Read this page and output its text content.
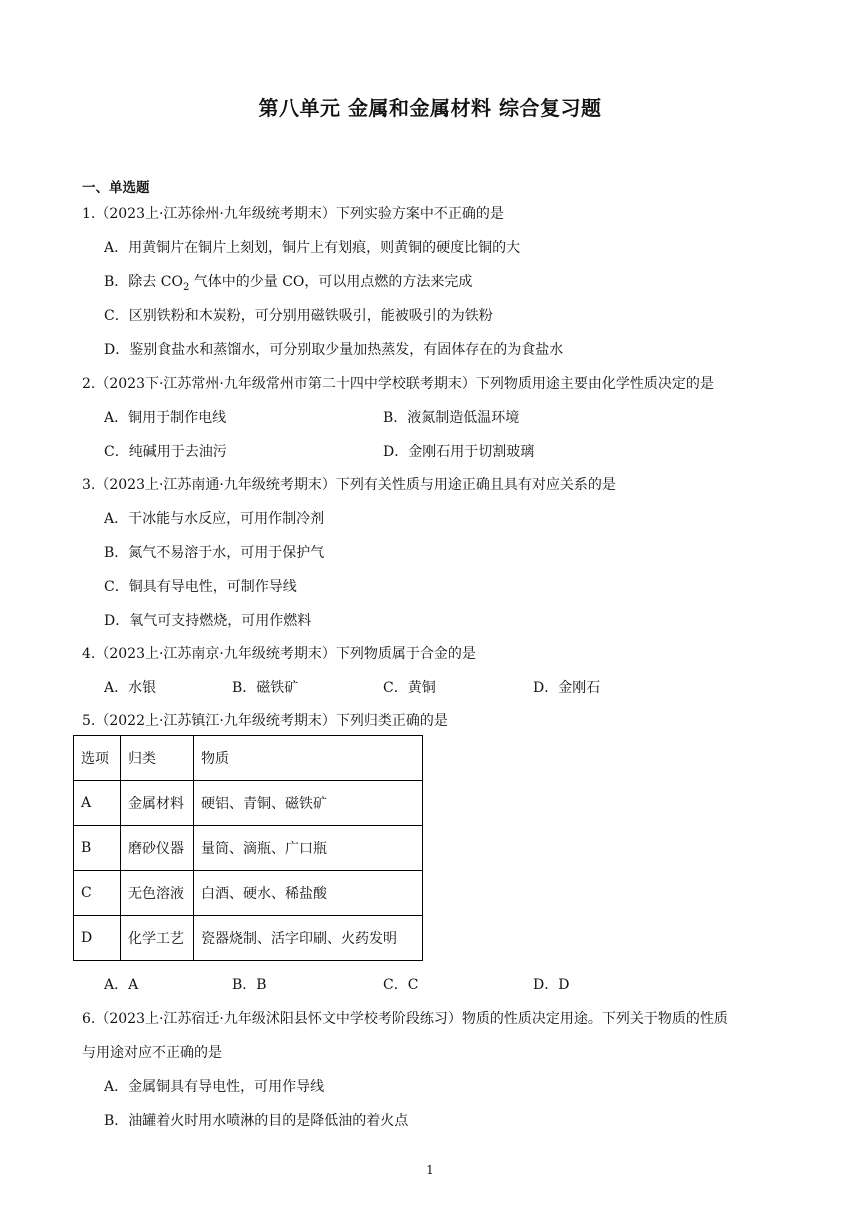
第八单元 金属和金属材料 综合复习题
一、单选题
1.（2023上·江苏徐州·九年级统考期末）下列实验方案中不正确的是
A．用黄铜片在铜片上刻划，铜片上有划痕，则黄铜的硬度比铜的大
B．除去 $CO_2$ 气体中的少量 CO，可以用点燃的方法来完成
C．区别铁粉和木炭粉，可分别用磁铁吸引，能被吸引的为铁粉
D．鉴别食盐水和蒸馏水，可分别取少量加热蒸发，有固体存在的为食盐水
2.（2023下·江苏常州·九年级常州市第二十四中学校联考期末）下列物质用途主要由化学性质决定的是
A．铜用于制作电线	B．液氮制造低温环境
C．纯碱用于去油污	D．金刚石用于切割玻璃
3.（2023上·江苏南通·九年级统考期末）下列有关性质与用途正确且具有对应关系的是
A．干冰能与水反应，可用作制冷剂
B．氮气不易溶于水，可用于保护气
C．铜具有导电性，可制作导线
D．氧气可支持燃烧，可用作燃料
4.（2023上·江苏南京·九年级统考期末）下列物质属于合金的是
A．水银	B．磁铁矿	C．黄铜	D．金刚石
5.（2022上·江苏镇江·九年级统考期末）下列归类正确的是
选项	归类	物质
A	金属材料	硬铝、青铜、磁铁矿
B	磨砂仪器	量筒、滴瓶、广口瓶
C	无色溶液	白酒、硬水、稀盐酸
D	化学工艺	瓷器烧制、活字印刷、火药发明
A．A	B．B	C．C	D．D
6.（2023上·江苏宿迁·九年级沭阳县怀文中学校考阶段练习）物质的性质决定用途。下列关于物质的性质
与用途对应不正确的是
A．金属铜具有导电性，可用作导线
B．油罐着火时用水喷淋的目的是降低油的着火点
1
